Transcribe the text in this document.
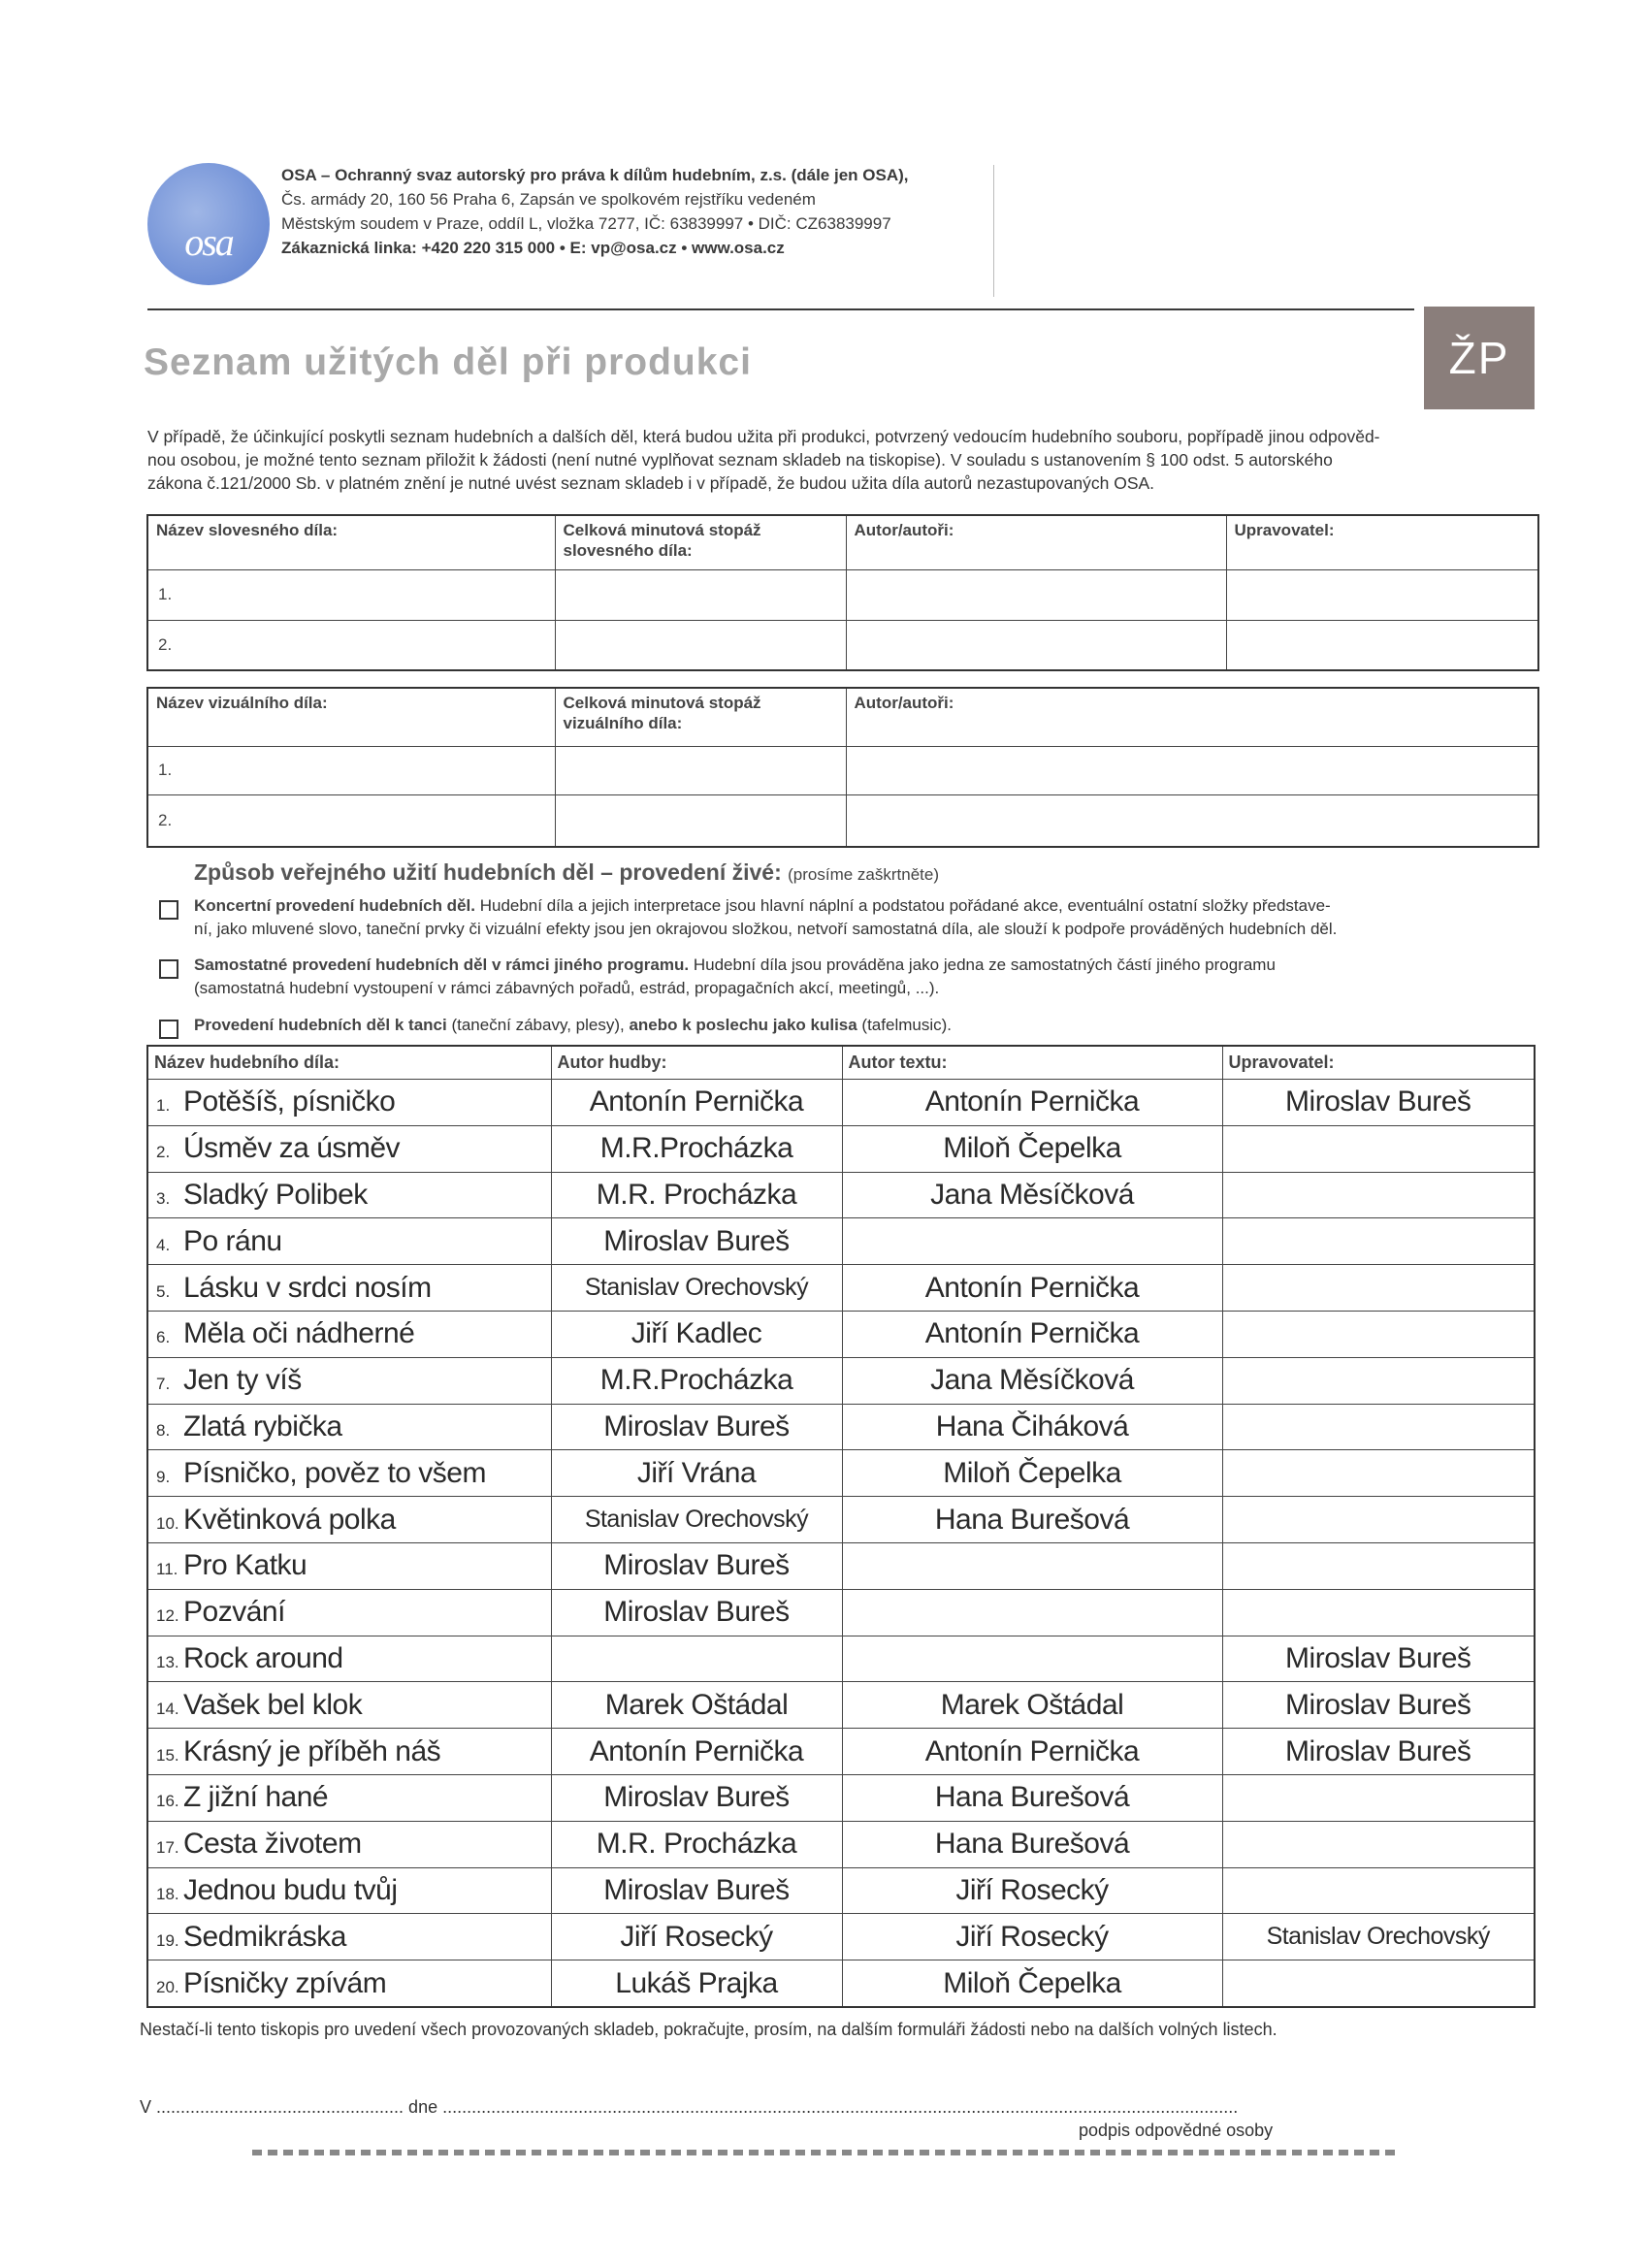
osa
OSA – Ochranný svaz autorský pro práva k dílům hudebním, z.s. (dále jen OSA),
Čs. armády 20, 160 56 Praha 6, Zapsán ve spolkovém rejstříku vedeném
Městským soudem v Praze, oddíl L, vložka 7277, IČ: 63839997 • DIČ: CZ63839997
Zákaznická linka: +420 220 315 000 • E: vp@osa.cz • www.osa.cz
ŽP
Seznam užitých děl při produkci
V případě, že účinkující poskytli seznam hudebních a dalších děl, která budou užita při produkci, potvrzený vedoucím hudebního souboru, popřípadě jinou odpověd-
nou osobou, je možné tento seznam přiložit k žádosti (není nutné vyplňovat seznam skladeb na tiskopise). V souladu s ustanovením § 100 odst. 5 autorského
zákona č.121/2000 Sb. v platném znění je nutné uvést seznam skladeb i v případě, že budou užita díla autorů nezastupovaných OSA.
Název slovesného díla:	Celková minutová stopáž slovesného díla:	Autor/autoři:	Upravovatel:
1.			
2.			
Název vizuálního díla:	Celková minutová stopáž vizuálního díla:	Autor/autoři:
1.		
2.		
Způsob veřejného užití hudebních děl – provedení živé: (prosíme zaškrtněte)
Koncertní provedení hudebních děl. Hudební díla a jejich interpretace jsou hlavní náplní a podstatou pořádané akce, eventuální ostatní složky představe-
ní, jako mluvené slovo, taneční prvky či vizuální efekty jsou jen okrajovou složkou, netvoří samostatná díla, ale slouží k podpoře prováděných hudebních děl.
Samostatné provedení hudebních děl v rámci jiného programu. Hudební díla jsou prováděna jako jedna ze samostatných částí jiného programu
(samostatná hudební vystoupení v rámci zábavných pořadů, estrád, propagačních akcí, meetingů, ...).
Provedení hudebních děl k tanci (taneční zábavy, plesy), anebo k poslechu jako kulisa (tafelmusic).
Název hudebního díla:	Autor hudby:	Autor textu:	Upravovatel:
1. Potěšíš, písničko	Antonín Pernička	Antonín Pernička	Miroslav Bureš
2. Úsměv za úsměv	M.R.Procházka	Miloň Čepelka	
3. Sladký Polibek	M.R. Procházka	Jana Měsíčková	
4. Po ránu	Miroslav Bureš		
5. Lásku v srdci nosím	Stanislav Orechovský	Antonín Pernička	
6. Měla oči nádherné	Jiří Kadlec	Antonín Pernička	
7. Jen ty víš	M.R.Procházka	Jana Měsíčková	
8. Zlatá rybička	Miroslav Bureš	Hana Čiháková	
9. Písničko, pověz to všem	Jiří Vrána	Miloň Čepelka	
10. Květinková polka	Stanislav Orechovský	Hana Burešová	
11. Pro Katku	Miroslav Bureš		
12. Pozvání	Miroslav Bureš		
13. Rock around			Miroslav Bureš
14. Vašek bel klok	Marek Oštádal	Marek Oštádal	Miroslav Bureš
15. Krásný je příběh náš	Antonín Pernička	Antonín Pernička	Miroslav Bureš
16. Z jižní hané	Miroslav Bureš	Hana Burešová	
17. Cesta životem	M.R. Procházka	Hana Burešová	
18. Jednou budu tvůj	Miroslav Bureš	Jiří Rosecký	
19. Sedmikráska	Jiří Rosecký	Jiří Rosecký	Stanislav Orechovský
20. Písničky zpívám	Lukáš Prajka	Miloň Čepelka	
Nestačí-li tento tiskopis pro uvedení všech provozovaných skladeb, pokračujte, prosím, na dalším formuláři žádosti nebo na dalších volných listech.
V ................................................... dne ....................................................................................................................................................................
podpis odpovědné osoby
